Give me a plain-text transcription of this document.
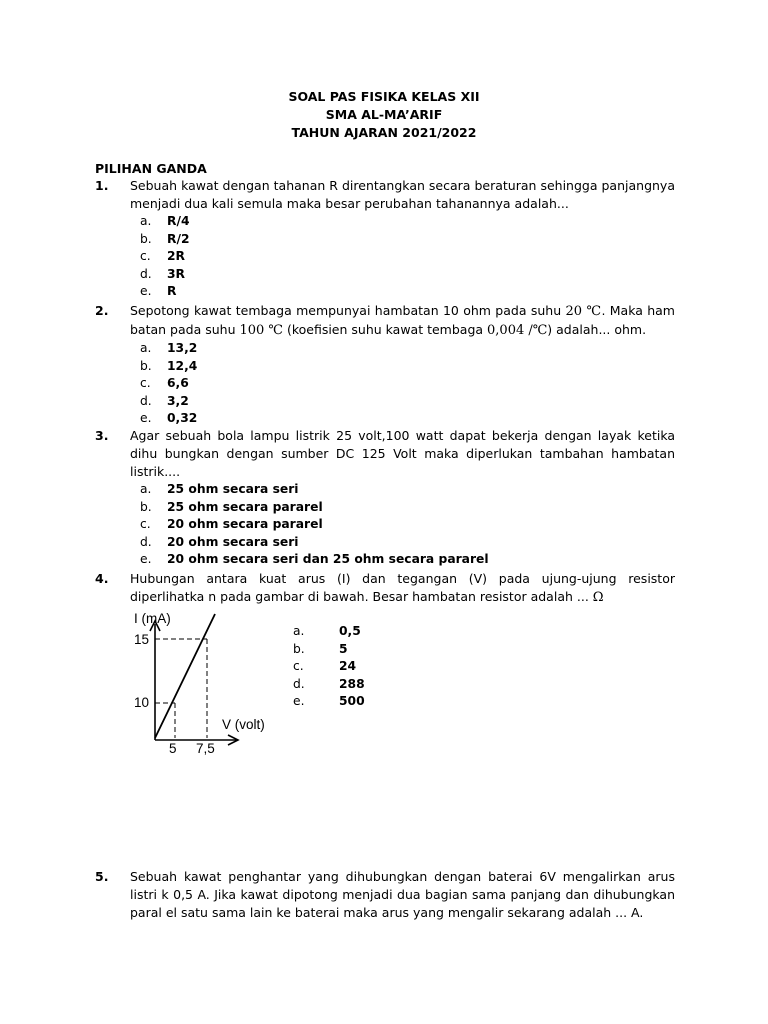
SOAL PAS FISIKA KELAS XII
SMA AL-MA’ARIF
TAHUN AJARAN 2021/2022
PILIHAN GANDA
1. Sebuah kawat dengan tahanan R direntangkan secara beraturan sehingga panjangnya menjadi dua kali semula maka besar perubahan tahanannya adalah...
a.	R/4
b.	R/2
c.	2R
d.	3R
e.	R
2. Sepotong kawat tembaga mempunyai hambatan 10 ohm pada suhu 20 ℃. Maka ham batan pada suhu 100 ℃ (koefisien suhu kawat tembaga 0,004 /℃) adalah... ohm.
a.	13,2
b.	12,4
c.	6,6
d.	3,2
e.	0,32
3. Agar sebuah bola lampu listrik 25 volt,100 watt dapat bekerja dengan layak ketika dihu bungkan dengan sumber DC 125 Volt maka diperlukan tambahan hambatan listrik....
a.	25 ohm secara seri
b.	25 ohm secara pararel
c.	20 ohm secara pararel
d.	20 ohm secara seri
e.	20 ohm secara seri dan 25 ohm secara pararel
4. Hubungan antara kuat arus (I) dan tegangan (V) pada ujung-ujung resistor diperlihatka n pada gambar di bawah. Besar hambatan resistor adalah ... Ω
I (mA)
15
10
V (volt)
5 7,5
a.	0,5
b.	5
c.	24
d.	288
e.	500
5. Sebuah kawat penghantar yang dihubungkan dengan baterai 6V mengalirkan arus listri k 0,5 A. Jika kawat dipotong menjadi dua bagian sama panjang dan dihubungkan paral el satu sama lain ke baterai maka arus yang mengalir sekarang adalah ... A.
